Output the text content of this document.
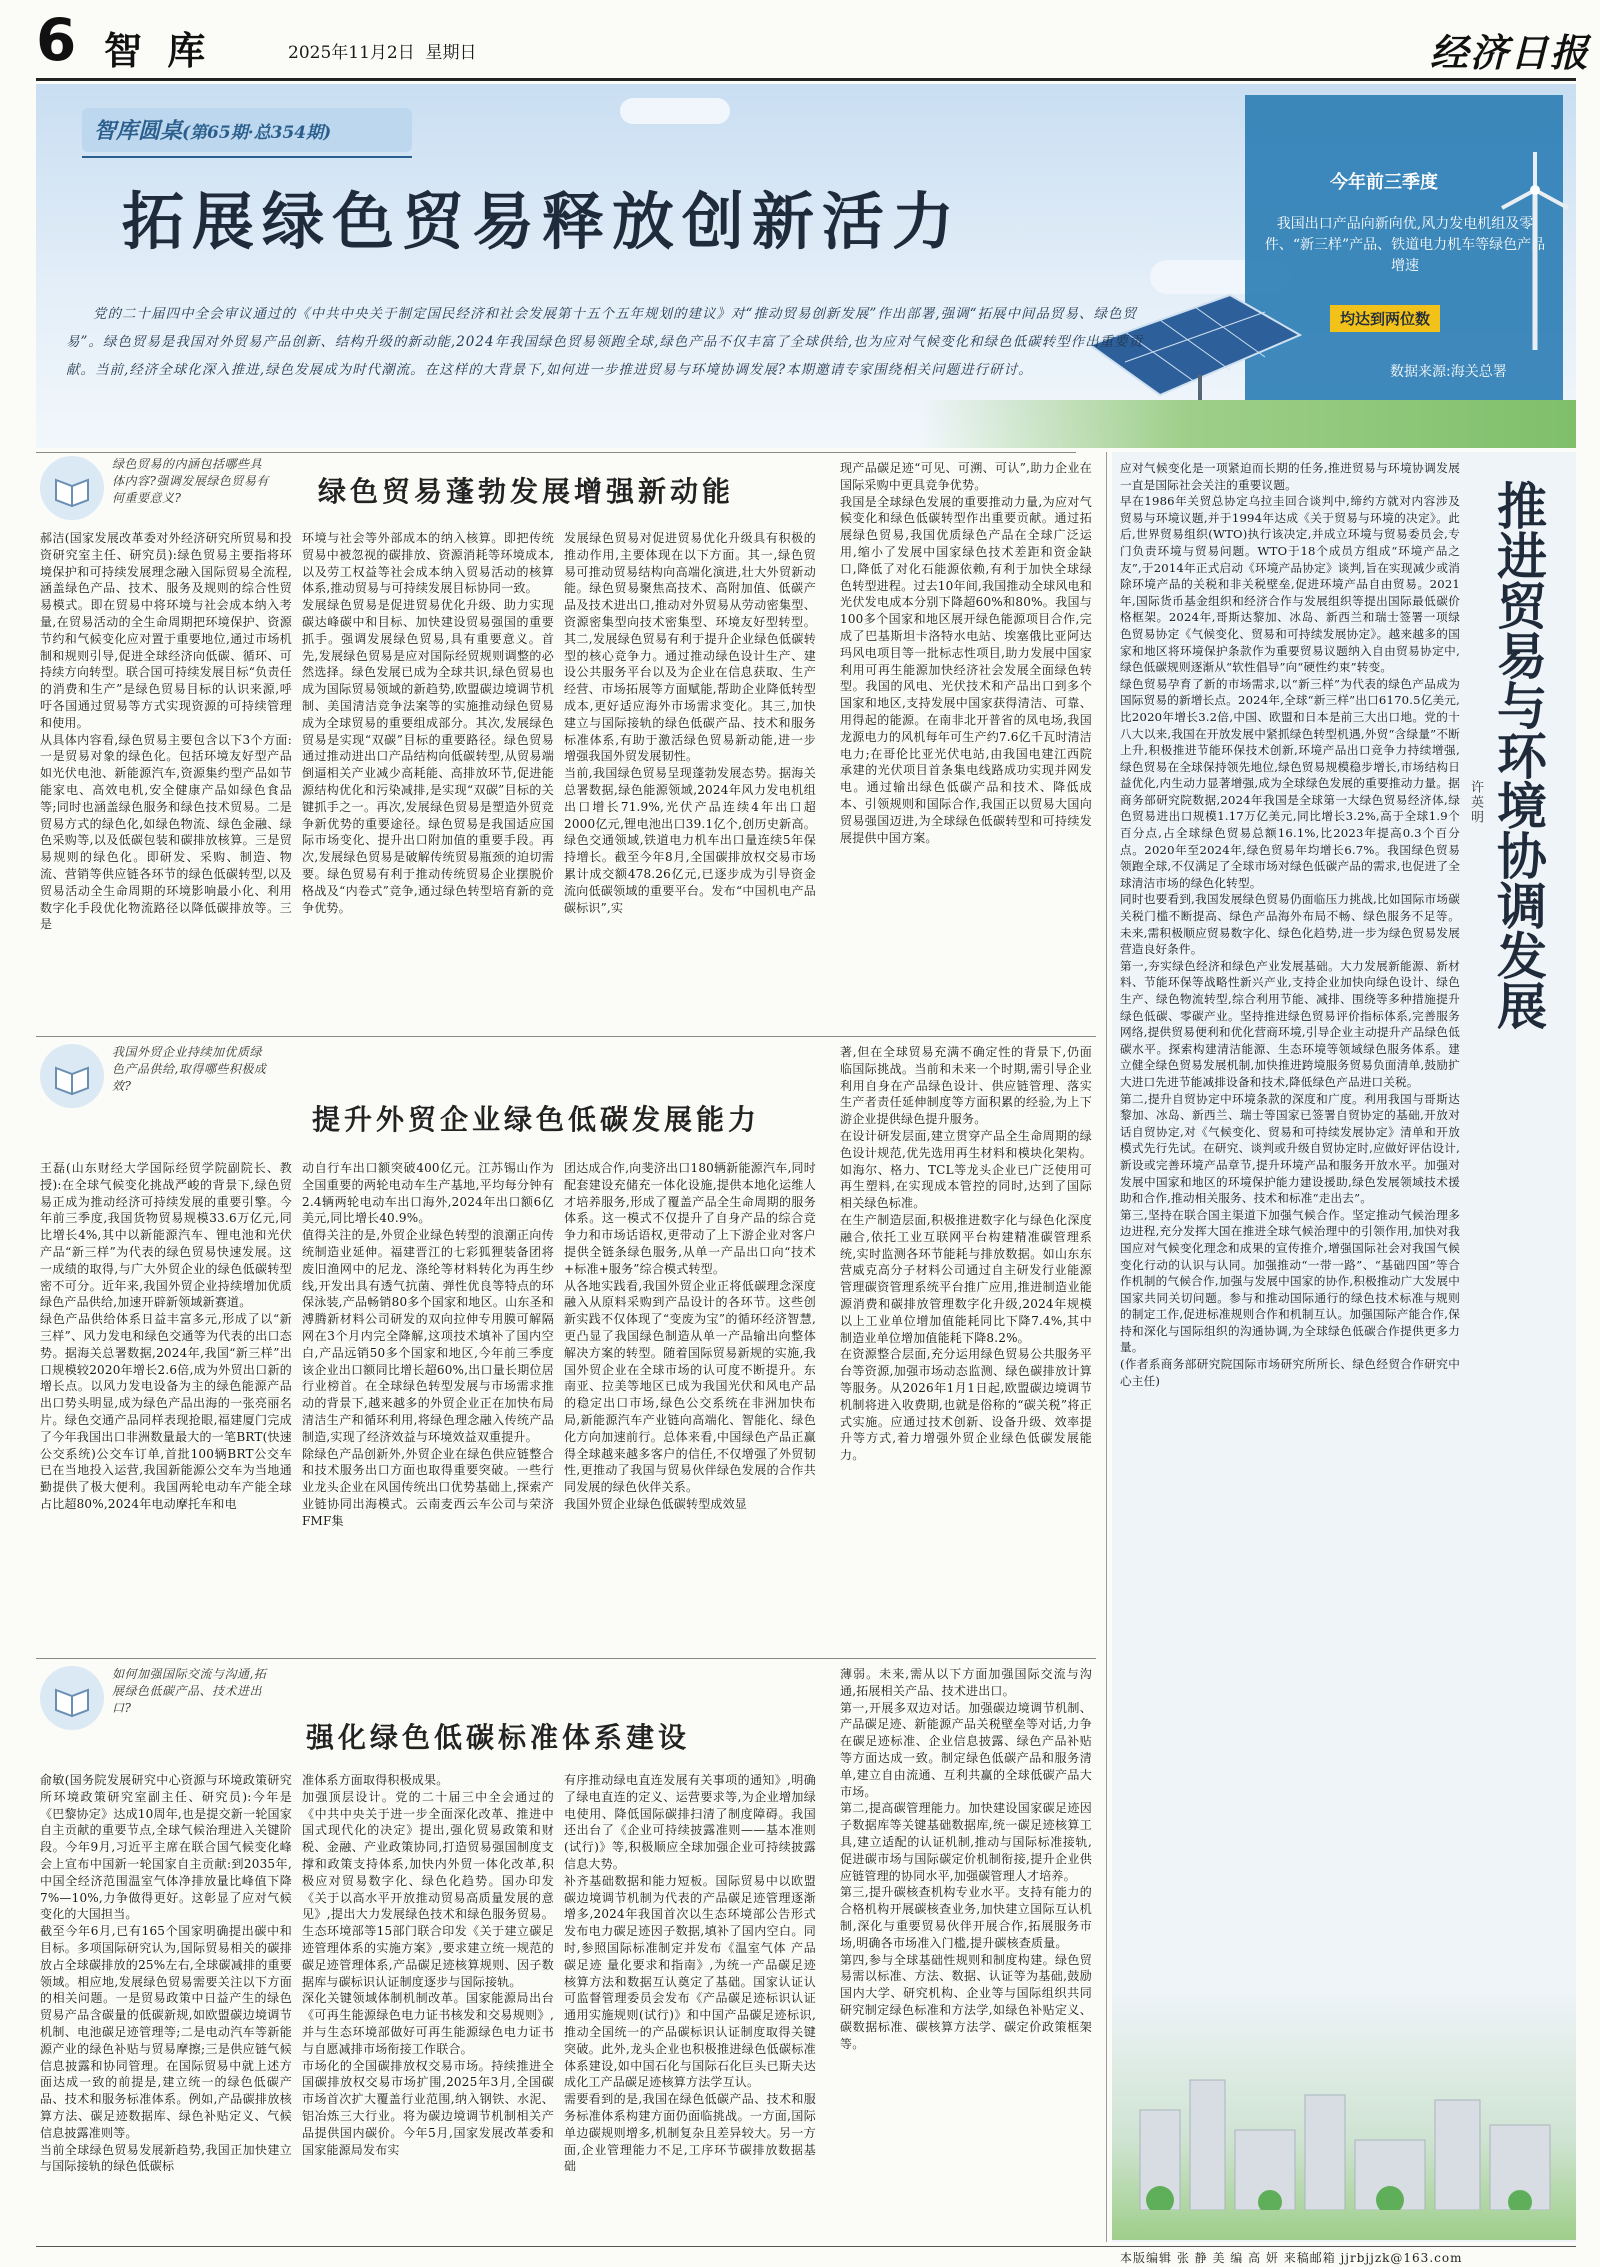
6 智 库	2025年11月2日 星期日	经济日报
智库圆桌(第65期·总354期)
拓展绿色贸易释放创新活力
今年前三季度
我国出口产品向新向优,风力发电机组及零件、“新三样”产品、铁道电力机车等绿色产品增速
均达到两位数
数据来源:海关总署
党的二十届四中全会审议通过的《中共中央关于制定国民经济和社会发展第十五个五年规划的建议》对“推动贸易创新发展”作出部署,强调“拓展中间品贸易、绿色贸易”。绿色贸易是我国对外贸易产品创新、结构升级的新动能,2024年我国绿色贸易领跑全球,绿色产品不仅丰富了全球供给,也为应对气候变化和绿色低碳转型作出重要贡献。当前,经济全球化深入推进,绿色发展成为时代潮流。在这样的大背景下,如何进一步推进贸易与环境协调发展?本期邀请专家围绕相关问题进行研讨。
绿色贸易的内涵包括哪些具体内容?强调发展绿色贸易有何重要意义?	绿色贸易蓬勃发展增强新动能
郝洁(国家发展改革委对外经济研究所贸易和投资研究室主任、研究员):绿色贸易主要指将环境保护和可持续发展理念融入国际贸易全流程,涵盖绿色产品、技术、服务及规则的综合性贸易模式。即在贸易中将环境与社会成本纳入考量,在贸易活动的全生命周期把环境保护、资源节约和气候变化应对置于重要地位,通过市场机制和规则引导,促进全球经济向低碳、循环、可持续方向转型。联合国可持续发展目标“负责任的消费和生产”是绿色贸易目标的认识来源,呼吁各国通过贸易等方式实现资源的可持续管理和使用。
从具体内容看,绿色贸易主要包含以下3个方面:一是贸易对象的绿色化。包括环境友好型产品如光伏电池、新能源汽车,资源集约型产品如节能家电、高效电机,安全健康产品如绿色食品等;同时也涵盖绿色服务和绿色技术贸易。二是贸易方式的绿色化,如绿色物流、绿色金融、绿色采购等,以及低碳包装和碳排放核算。三是贸易规则的绿色化。即研发、采购、制造、物流、营销等供应链各环节的绿色低碳转型,以及贸易活动全生命周期的环境影响最小化、利用数字化手段优化物流路径以降低碳排放等。三是
环境与社会等外部成本的纳入核算。即把传统贸易中被忽视的碳排放、资源消耗等环境成本,以及劳工权益等社会成本纳入贸易活动的核算体系,推动贸易与可持续发展目标协同一致。
发展绿色贸易是促进贸易优化升级、助力实现碳达峰碳中和目标、加快建设贸易强国的重要抓手。强调发展绿色贸易,具有重要意义。首先,发展绿色贸易是应对国际经贸规则调整的必然选择。绿色发展已成为全球共识,绿色贸易也成为国际贸易领域的新趋势,欧盟碳边境调节机制、美国清洁竞争法案等的实施推动绿色贸易成为全球贸易的重要组成部分。其次,发展绿色贸易是实现“双碳”目标的重要路径。绿色贸易通过推动进出口产品结构向低碳转型,从贸易端倒逼相关产业减少高耗能、高排放环节,促进能源结构优化和污染减排,是实现“双碳”目标的关键抓手之一。再次,发展绿色贸易是塑造外贸竞争新优势的重要途径。绿色贸易是我国适应国际市场变化、提升出口附加值的重要手段。再次,发展绿色贸易是破解传统贸易瓶颈的迫切需要。绿色贸易有利于推动传统贸易企业摆脱价格战及“内卷式”竞争,通过绿色转型培育新的竞争优势。
发展绿色贸易对促进贸易优化升级具有积极的推动作用,主要体现在以下方面。其一,绿色贸易可推动贸易结构向高端化演进,壮大外贸新动能。绿色贸易聚焦高技术、高附加值、低碳产品及技术进出口,推动对外贸易从劳动密集型、资源密集型向技术密集型、环境友好型转型。其二,发展绿色贸易有利于提升企业绿色低碳转型的核心竞争力。通过推动绿色设计生产、建设公共服务平台以及为企业在信息获取、生产经营、市场拓展等方面赋能,帮助企业降低转型成本,更好适应海外市场需求变化。其三,加快建立与国际接轨的绿色低碳产品、技术和服务标准体系,有助于激活绿色贸易新动能,进一步增强我国外贸发展韧性。
当前,我国绿色贸易呈现蓬勃发展态势。据海关总署数据,绿色能源领域,2024年风力发电机组出口增长71.9%,光伏产品连续4年出口超2000亿元,锂电池出口39.1亿个,创历史新高。绿色交通领域,铁道电力机车出口量连续5年保持增长。截至今年8月,全国碳排放权交易市场累计成交额478.26亿元,已逐步成为引导资金流向低碳领域的重要平台。发布“中国机电产品碳标识”,实
现产品碳足迹“可见、可溯、可认”,助力企业在国际采购中更具竞争优势。
我国是全球绿色发展的重要推动力量,为应对气候变化和绿色低碳转型作出重要贡献。通过拓展绿色贸易,我国优质绿色产品在全球广泛运用,缩小了发展中国家绿色技术差距和资金缺口,降低了对化石能源依赖,有利于加快全球绿色转型进程。过去10年间,我国推动全球风电和光伏发电成本分别下降超60%和80%。我国与100多个国家和地区展开绿色能源项目合作,完成了巴基斯坦卡洛特水电站、埃塞俄比亚阿达玛风电项目等一批标志性项目,助力发展中国家利用可再生能源加快经济社会发展全面绿色转型。我国的风电、光伏技术和产品出口到多个国家和地区,支持发展中国家获得清洁、可靠、用得起的能源。在南非北开普省的凤电场,我国龙源电力的风机每年可生产约7.6亿千瓦时清洁电力;在哥伦比亚光伏电站,由我国电建江西院承建的光伏项目首条集电线路成功实现并网发电。通过输出绿色低碳产品和技术、降低成本、引领规则和国际合作,我国正以贸易大国向贸易强国迈进,为全球绿色低碳转型和可持续发展提供中国方案。
我国外贸企业持续加优质绿色产品供给,取得哪些积极成效?
提升外贸企业绿色低碳发展能力
王磊(山东财经大学国际经贸学院副院长、教授):在全球气候变化挑战严峻的背景下,绿色贸易正成为推动经济可持续发展的重要引擎。今年前三季度,我国货物贸易规模33.6万亿元,同比增长4%,其中以新能源汽车、锂电池和光伏产品“新三样”为代表的绿色贸易快速发展。这一成绩的取得,与广大外贸企业的绿色低碳转型密不可分。近年来,我国外贸企业持续增加优质绿色产品供给,加速开辟新领域新赛道。
绿色产品供给体系日益丰富多元,形成了以“新三样”、风力发电和绿色交通等为代表的出口态势。据海关总署数据,2024年,我国“新三样”出口规模较2020年增长2.6倍,成为外贸出口新的增长点。以风力发电设备为主的绿色能源产品出口势头明显,成为绿色产品出海的一张亮丽名片。绿色交通产品同样表现抢眼,福建厦门完成了今年我国出口非洲数量最大的一笔BRT(快速公交系统)公交车订单,首批100辆BRT公交车已在当地投入运营,我国新能源公交车为当地通勤提供了极大便利。我国两轮电动车产能全球占比超80%,2024年电动摩托车和电
动自行车出口额突破400亿元。江苏锡山作为全国重要的两轮电动车生产基地,平均每分钟有2.4辆两轮电动车出口海外,2024年出口额6亿美元,同比增长40.9%。
值得关注的是,外贸企业绿色转型的浪潮正向传统制造业延伸。福建晋江的七彩狐狸装备团将废旧渔网中的尼龙、涤纶等材料转化为再生纱线,开发出具有透气抗菌、弹性优良等特点的环保泳装,产品畅销80多个国家和地区。山东圣和溥腾新材料公司研发的双向拉伸专用膜可解隔网在3个月内完全降解,这项技术填补了国内空白,产品远销50多个国家和地区,今年前三季度该企业出口额同比增长超60%,出口量长期位居行业榜首。在全球绿色转型发展与市场需求推动的背景下,越来越多的外贸企业正在加快布局清洁生产和循环利用,将绿色理念融入传统产品制造,实现了经济效益与环境效益双重提升。
除绿色产品创新外,外贸企业在绿色供应链整合和技术服务出口方面也取得重要突破。一些行业龙头企业在风国传统出口优势基础上,探索产业链协同出海模式。云南麦西云车公司与荣济FMF集
团达成合作,向斐济出口180辆新能源汽车,同时配套建设充储充一体化设施,提供本地化运维人才培养服务,形成了覆盖产品全生命周期的服务体系。这一模式不仅提升了自身产品的综合竞争力和市场话语权,更带动了上下游企业对客户提供全链条绿色服务,从单一产品出口向“技术+标准+服务”综合模式转型。
从各地实践看,我国外贸企业正将低碳理念深度融入从原料采购到产品设计的各环节。这些创新实践不仅体现了“变废为宝”的循环经济智慧,更凸显了我国绿色制造从单一产品输出向整体解决方案的转型。随着国际贸易新规的实施,我国外贸企业在全球市场的认可度不断提升。东南亚、拉美等地区已成为我国光伏和风电产品的稳定出口市场,绿色公交系统在非洲加快布局,新能源汽车产业链向高端化、智能化、绿色化方向加速前行。总体来看,中国绿色产品正赢得全球越来越多客户的信任,不仅增强了外贸韧性,更推动了我国与贸易伙伴绿色发展的合作共同发展的绿色伙伴关系。
我国外贸企业绿色低碳转型成效显
著,但在全球贸易充满不确定性的背景下,仍面临国际挑战。当前和未来一个时期,需引导企业利用自身在产品绿色设计、供应链管理、落实生产者责任延伸制度等方面积累的经验,为上下游企业提供绿色提升服务。
在设计研发层面,建立贯穿产品全生命周期的绿色设计规范,优先选用再生材料和模块化架构。如海尔、格力、TCL等龙头企业已广泛使用可再生塑料,在实现成本管控的同时,达到了国际相关绿色标准。
在生产制造层面,积极推进数字化与绿色化深度融合,依托工业互联网平台构建精准碳管理系统,实时监测各环节能耗与排放数据。如山东东营威克高分子材料公司通过自主研发行业能源管理碳资管理系统平台推广应用,推进制造业能源消费和碳排放管理数字化升级,2024年规模以上工业单位增加值能耗同比下降7.4%,其中制造业单位增加值能耗下降8.2%。
在资源整合层面,充分运用绿色贸易公共服务平台等资源,加强市场动态监测、绿色碳排放计算等服务。从2026年1月1日起,欧盟碳边境调节机制将进入收费期,也就是俗称的“碳关税”将正式实施。应通过技术创新、设备升级、效率提升等方式,着力增强外贸企业绿色低碳发展能力。
如何加强国际交流与沟通,拓展绿色低碳产品、技术进出口?
强化绿色低碳标准体系建设
俞敏(国务院发展研究中心资源与环境政策研究所环境政策研究室副主任、研究员):今年是《巴黎协定》达成10周年,也是提交新一轮国家自主贡献的重要节点,全球气候治理进入关键阶段。今年9月,习近平主席在联合国气候变化峰会上宣布中国新一轮国家自主贡献:到2035年,中国全经济范围温室气体净排放量比峰值下降7%—10%,力争做得更好。这彰显了应对气候变化的大国担当。
截至今年6月,已有165个国家明确提出碳中和目标。多项国际研究认为,国际贸易相关的碳排放占全球碳排放的25%左右,全球碳减排的重要领域。相应地,发展绿色贸易需要关注以下方面的相关问题。一是贸易政策中日益产生的绿色贸易产品含碳量的低碳新规,如欧盟碳边境调节机制、电池碳足迹管理等;二是电动汽车等新能源产业的绿色补贴与贸易摩擦;三是供应链气候信息披露和协同管理。在国际贸易中就上述方面达成一致的前提是,建立统一的绿色低碳产品、技术和服务标准体系。例如,产品碳排放核算方法、碳足迹数据库、绿色补贴定义、气候信息披露准则等。
当前全球绿色贸易发展新趋势,我国正加快建立与国际接轨的绿色低碳标
准体系方面取得积极成果。
加强顶层设计。党的二十届三中全会通过的《中共中央关于进一步全面深化改革、推进中国式现代化的决定》提出,强化贸易政策和财税、金融、产业政策协同,打造贸易强国制度支撑和政策支持体系,加快内外贸一体化改革,积极应对贸易数字化、绿色化趋势。国办印发《关于以高水平开放推动贸易高质量发展的意见》,提出大力发展绿色技术和绿色服务贸易。生态环境部等15部门联合印发《关于建立碳足迹管理体系的实施方案》,要求建立统一规范的碳足迹管理体系,产品碳足迹核算规则、因子数据库与碳标识认证制度逐步与国际接轨。
深化关键领域体制机制改革。国家能源局出台《可再生能源绿色电力证书核发和交易规则》,并与生态环境部做好可再生能源绿色电力证书与自愿减排市场衔接工作联合。
市场化的全国碳排放权交易市场。持续推进全国碳排放权交易市场扩围,2025年3月,全国碳市场首次扩大覆盖行业范围,纳入钢铁、水泥、铝冶炼三大行业。将为碳边境调节机制相关产品提供国内碳价。今年5月,国家发展改革委和国家能源局发布实
有序推动绿电直连发展有关事项的通知》,明确了绿电直连的定义、运营要求等,为企业增加绿电使用、降低国际碳排扫清了制度障碍。我国还出台了《企业可持续披露准则——基本准则(试行)》等,积极顺应全球加强企业可持续披露信息大势。
补齐基础数据和能力短板。国际贸易中以欧盟碳边境调节机制为代表的产品碳足迹管理逐渐增多,2024年我国首次以生态环境部公告形式发布电力碳足迹因子数据,填补了国内空白。同时,参照国际标准制定并发布《温室气体 产品碳足迹 量化要求和指南》,为统一产品碳足迹核算方法和数据互认奠定了基础。国家认证认可监督管理委员会发布《产品碳足迹标识认证通用实施规则(试行)》和中国产品碳足迹标识,推动全国统一的产品碳标识认证制度取得关键突破。此外,龙头企业也积极推进绿色低碳标准体系建设,如中国石化与国际石化巨头已斯夫达成化工产品碳足迹核算方法学互认。
需要看到的是,我国在绿色低碳产品、技术和服务标准体系构建方面仍面临挑战。一方面,国际单边碳规则增多,机制复杂且差异较大。另一方面,企业管理能力不足,工序环节碳排放数据基础
薄弱。未来,需从以下方面加强国际交流与沟通,拓展相关产品、技术进出口。
第一,开展多双边对话。加强碳边境调节机制、产品碳足迹、新能源产品关税壁垒等对话,力争在碳足迹标准、企业信息披露、绿色产品补贴等方面达成一致。制定绿色低碳产品和服务清单,建立自由流通、互利共赢的全球低碳产品大市场。
第二,提高碳管理能力。加快建设国家碳足迹因子数据库等关键基础数据库,统一碳足迹核算工具,建立适配的认证机制,推动与国际标准接轨,促进碳市场与国际碳定价机制衔接,提升企业供应链管理的协同水平,加强碳管理人才培养。
第三,提升碳核查机构专业水平。支持有能力的合格机构开展碳核查业务,加快建立国际互认机制,深化与重要贸易伙伴开展合作,拓展服务市场,明确各市场准入门槛,提升碳核查质量。
第四,参与全球基础性规则和制度构建。绿色贸易需以标准、方法、数据、认证等为基础,鼓励国内大学、研究机构、企业等与国际组织共同研究制定绿色标准和方法学,如绿色补贴定义、碳数据标准、碳核算方法学、碳定价政策框架等。
应对气候变化是一项紧迫而长期的任务,推进贸易与环境协调发展一直是国际社会关注的重要议题。
早在1986年关贸总协定乌拉圭回合谈判中,缔约方就对内容涉及贸易与环境议题,并于1994年达成《关于贸易与环境的决定》。此后,世界贸易组织(WTO)执行该决定,并成立环境与贸易委员会,专门负责环境与贸易问题。WTO于18个成员方组成“环境产品之友”,于2014年正式启动《环境产品协定》谈判,旨在实现减少或消除环境产品的关税和非关税壁垒,促进环境产品自由贸易。2021年,国际货币基金组织和经济合作与发展组织等提出国际最低碳价格框架。2024年,哥斯达黎加、冰岛、新西兰和瑞士签署一项绿色贸易协定《气候变化、贸易和可持续发展协定》。越来越多的国家和地区将环境保护条款作为重要贸易议题纳入自由贸易协定中,绿色低碳规则逐渐从“软性倡导”向“硬性约束”转变。
绿色贸易孕育了新的市场需求,以“新三样”为代表的绿色产品成为国际贸易的新增长点。2024年,全球“新三样”出口6170.5亿美元,比2020年增长3.2倍,中国、欧盟和日本是前三大出口地。党的十八大以来,我国在开放发展中紧抓绿色转型机遇,外贸“含绿量”不断上升,积极推进节能环保技术创新,环境产品出口竞争力持续增强,绿色贸易在全球保持领先地位,绿色贸易规模稳步增长,市场结构日益优化,内生动力显著增强,成为全球绿色发展的重要推动力量。据商务部研究院数据,2024年我国是全球第一大绿色贸易经济体,绿色贸易进出口规模1.17万亿美元,同比增长3.2%,高于全球1.9个百分点,占全球绿色贸易总额16.1%,比2023年提高0.3个百分点。2020年至2024年,绿色贸易年均增长6.7%。我国绿色贸易领跑全球,不仅满足了全球市场对绿色低碳产品的需求,也促进了全球清洁市场的绿色化转型。
同时也要看到,我国发展绿色贸易仍面临压力挑战,比如国际市场碳关税门槛不断提高、绿色产品海外布局不畅、绿色服务不足等。未来,需积极顺应贸易数字化、绿色化趋势,进一步为绿色贸易发展营造良好条件。
第一,夯实绿色经济和绿色产业发展基础。大力发展新能源、新材料、节能环保等战略性新兴产业,支持企业加快向绿色设计、绿色生产、绿色物流转型,综合利用节能、减排、围绕等多种措施提升绿色低碳、零碳产业。坚持推进绿色贸易评价指标体系,完善服务网络,提供贸易便利和优化营商环境,引导企业主动提升产品绿色低碳水平。探索构建清洁能源、生态环境等领域绿色服务体系。建立健全绿色贸易发展机制,加快推进跨境服务贸易负面清单,鼓励扩大进口先进节能减排设备和技术,降低绿色产品进口关税。
第二,提升自贸协定中环境条款的深度和广度。利用我国与哥斯达黎加、冰岛、新西兰、瑞士等国家已签署自贸协定的基础,开放对话自贸协定,对《气候变化、贸易和可持续发展协定》清单和开放模式先行先试。在研究、谈判或升级自贸协定时,应做好评估设计,新设或完善环境产品章节,提升环境产品和服务开放水平。加强对发展中国家和地区的环境保护能力建设援助,绿色发展领域技术援助和合作,推动相关服务、技术和标准“走出去”。
第三,坚持在联合国主渠道下加强气候合作。坚定推动气候治理多边进程,充分发挥大国在推进全球气候治理中的引领作用,加快对我国应对气候变化理念和成果的宣传推介,增强国际社会对我国气候变化行动的认识与认同。加强推动“一带一路”、“基础四国”等合作机制的气候合作,加强与发展中国家的协作,积极推动广大发展中国家共同关切问题。参与和推动国际通行的绿色技术标准与规则的制定工作,促进标准规则合作和机制互认。加强国际产能合作,保持和深化与国际组织的沟通协调,为全球绿色低碳合作提供更多力量。
(作者系商务部研究院国际市场研究所所长、绿色经贸合作研究中心主任)
推进贸易与环境协调发展
许英明
本版编辑 张 静 美 编 高 妍 来稿邮箱 jjrbjjzk@163.com
